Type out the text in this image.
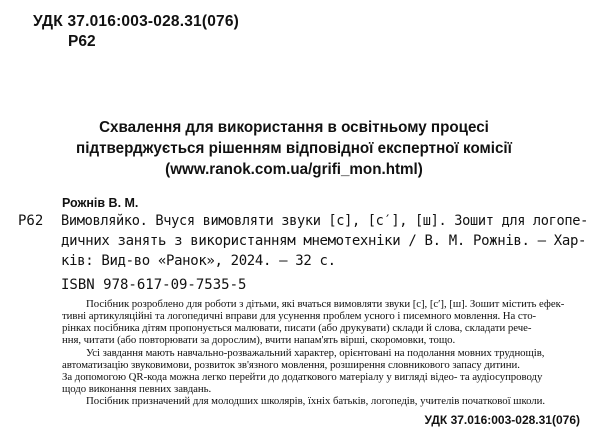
УДК 37.016:003-028.31(076)
Р62
Схвалення для використання в освітньому процесі
підтверджується рішенням відповідної експертної комісії
(www.ranok.com.ua/grifi_mon.html)
Рожнів В. М.
Р62 Вимовляйко. Вчуся вимовляти звуки [с], [с′], [ш]. Зошит для логопе-
дичних занять з використанням мнемотехніки / В. М. Рожнів. — Хар-
ків: Вид-во «Ранок», 2024. — 32 с.
ISBN 978-617-09-7535-5
Посібник розроблено для роботи з дітьми, які вчаться вимовляти звуки [с], [с′], [ш]. Зошит містить ефек-
тивні артикуляційні та логопедичні вправи для усунення проблем усного і писемного мовлення. На сто-
рінках посібника дітям пропонується малювати, писати (або друкувати) склади й слова, складати рече-
ння, читати (або повторювати за дорослим), вчити напам'ять вірші, скоромовки, тощо.
Усі завдання мають навчально-розважальний характер, орієнтовані на подолання мовних труднощів,
автоматизацію звуковимови, розвиток зв'язного мовлення, розширення словникового запасу дитини.
За допомогою QR-кода можна легко перейти до додаткового матеріалу у вигляді відео- та аудіосупроводу
щодо виконання певних завдань.
Посібник призначений для молодших школярів, їхніх батьків, логопедів, учителів початкової школи.
УДК 37.016:003-028.31(076)
